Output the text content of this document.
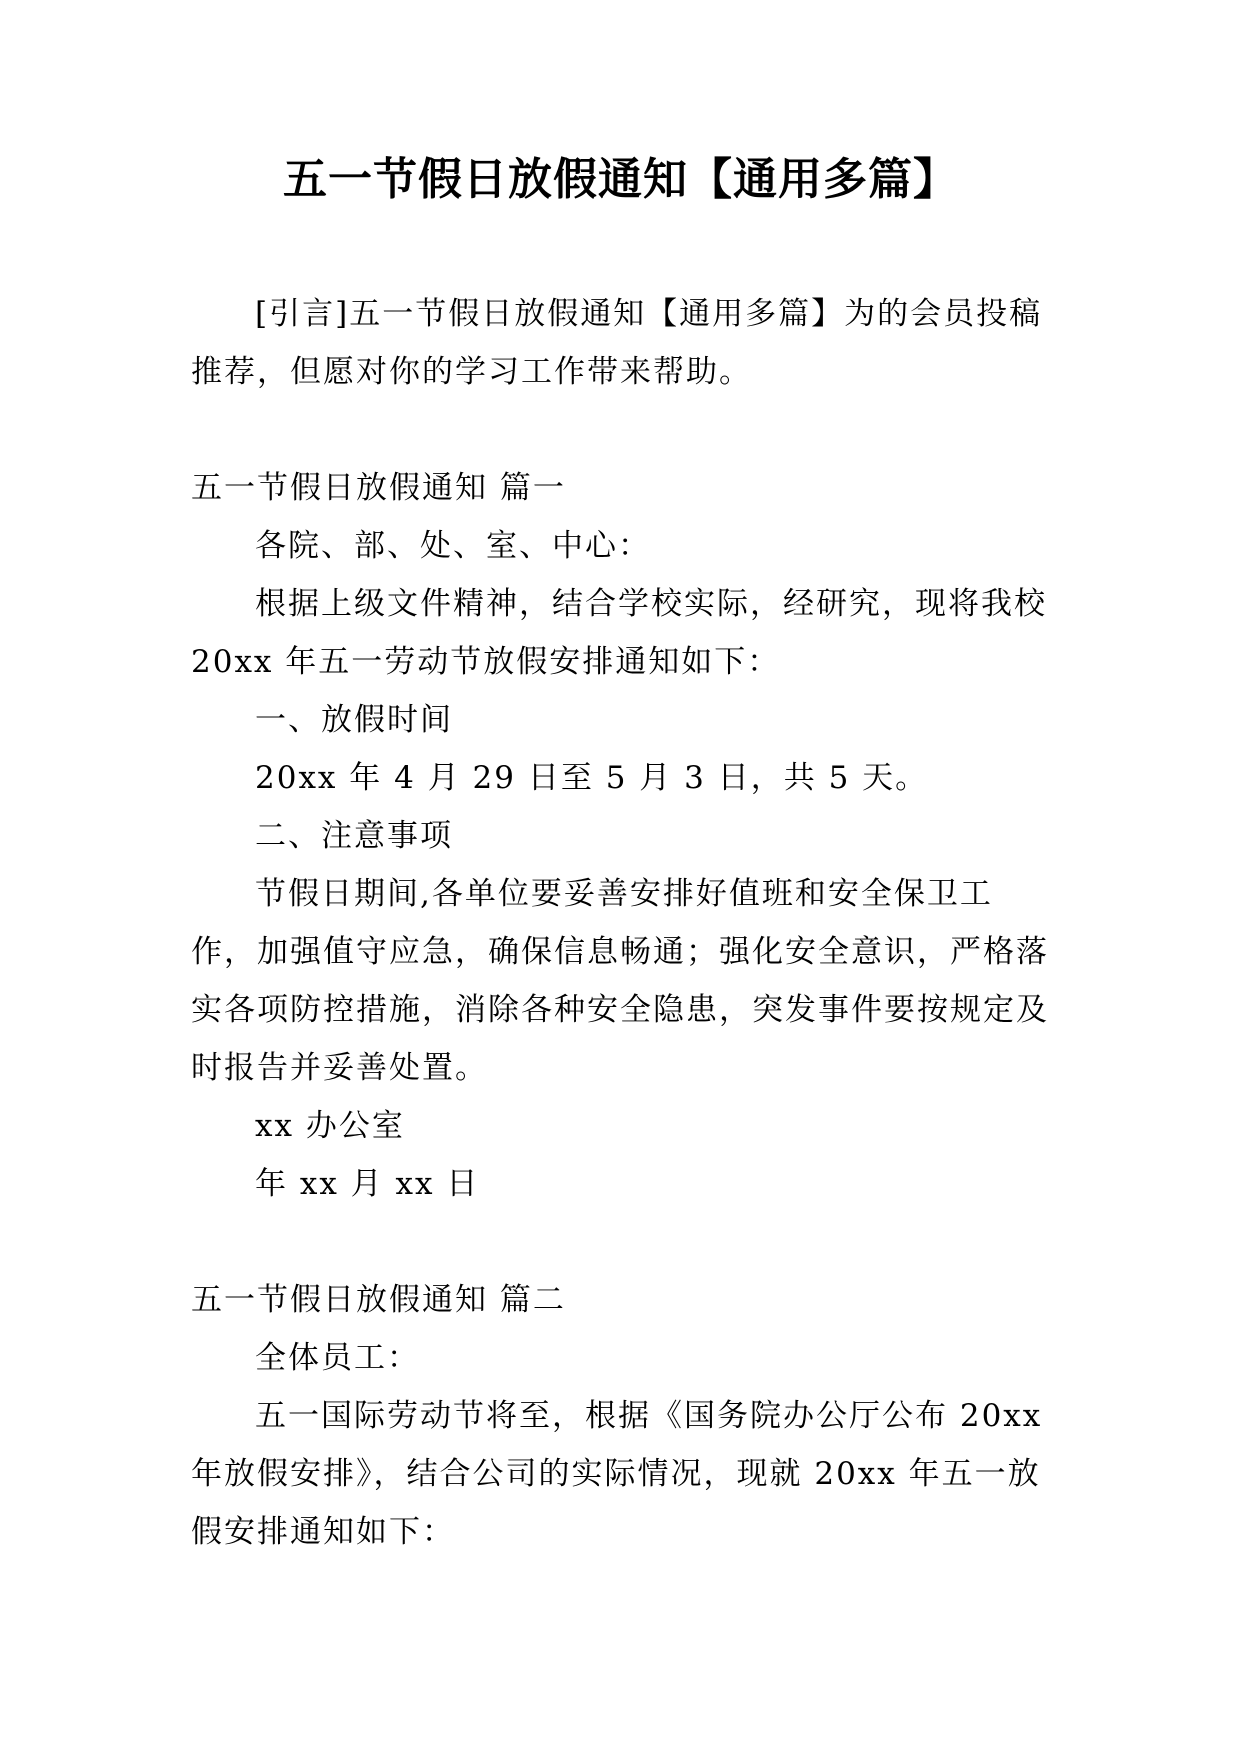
五一节假日放假通知【通用多篇】

[引言]五一节假日放假通知【通用多篇】为的会员投稿推荐，但愿对你的学习工作带来帮助。

五一节假日放假通知 篇一

各院、部、处、室、中心：

根据上级文件精神，结合学校实际，经研究，现将我校20xx 年五一劳动节放假安排通知如下：

一、放假时间

20xx 年 4 月 29 日至 5 月 3 日，共 5 天。

二、注意事项

节假日期间,各单位要妥善安排好值班和安全保卫工作，加强值守应急，确保信息畅通；强化安全意识，严格落实各项防控措施，消除各种安全隐患，突发事件要按规定及时报告并妥善处置。

xx 办公室

年 xx 月 xx 日

五一节假日放假通知 篇二

全体员工：

五一国际劳动节将至，根据《国务院办公厅公布 20xx年放假安排》，结合公司的实际情况，现就 20xx 年五一放假安排通知如下：
